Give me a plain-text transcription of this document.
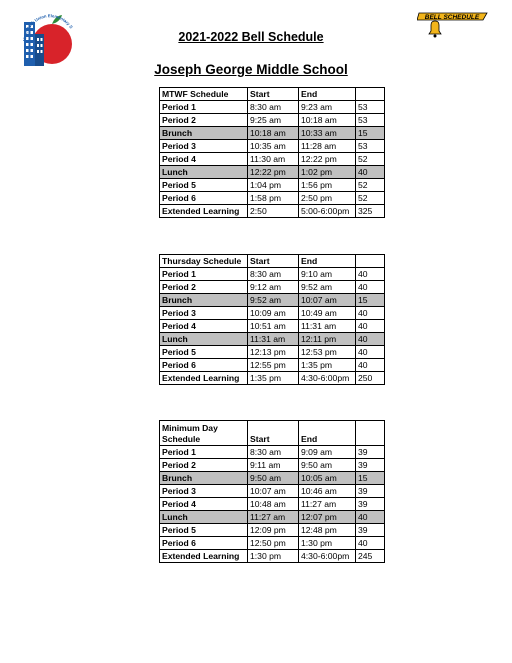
Alum Rock Union Elementary S
BELL SCHEDULE
2021-2022 Bell Schedule
Joseph George Middle School
MTWF Schedule	Start	End	
Period 1	8:30 am	9:23 am	53
Period 2	9:25 am	10:18 am	53
Brunch	10:18 am	10:33 am	15
Period 3	10:35 am	11:28 am	53
Period 4	11:30 am	12:22 pm	52
Lunch	12:22 pm	1:02 pm	40
Period 5	1:04 pm	1:56 pm	52
Period 6	1:58 pm	2:50 pm	52
Extended Learning	2:50	5:00-6:00pm	325
Thursday Schedule	Start	End	
Period 1	8:30 am	9:10 am	40
Period 2	9:12 am	9:52 am	40
Brunch	9:52 am	10:07 am	15
Period 3	10:09 am	10:49 am	40
Period 4	10:51 am	11:31 am	40
Lunch	11:31 am	12:11 pm	40
Period 5	12:13 pm	12:53 pm	40
Period 6	12:55 pm	1:35 pm	40
Extended Learning	1:35 pm	4:30-6:00pm	250
Minimum Day Schedule	Start	End	
Period 1	8:30 am	9:09 am	39
Period 2	9:11 am	9:50 am	39
Brunch	9:50 am	10:05 am	15
Period 3	10:07 am	10:46 am	39
Period 4	10:48 am	11:27 am	39
Lunch	11:27 am	12:07 pm	40
Period 5	12:09 pm	12:48 pm	39
Period 6	12:50 pm	1:30 pm	40
Extended Learning	1:30 pm	4:30-6:00pm	245
